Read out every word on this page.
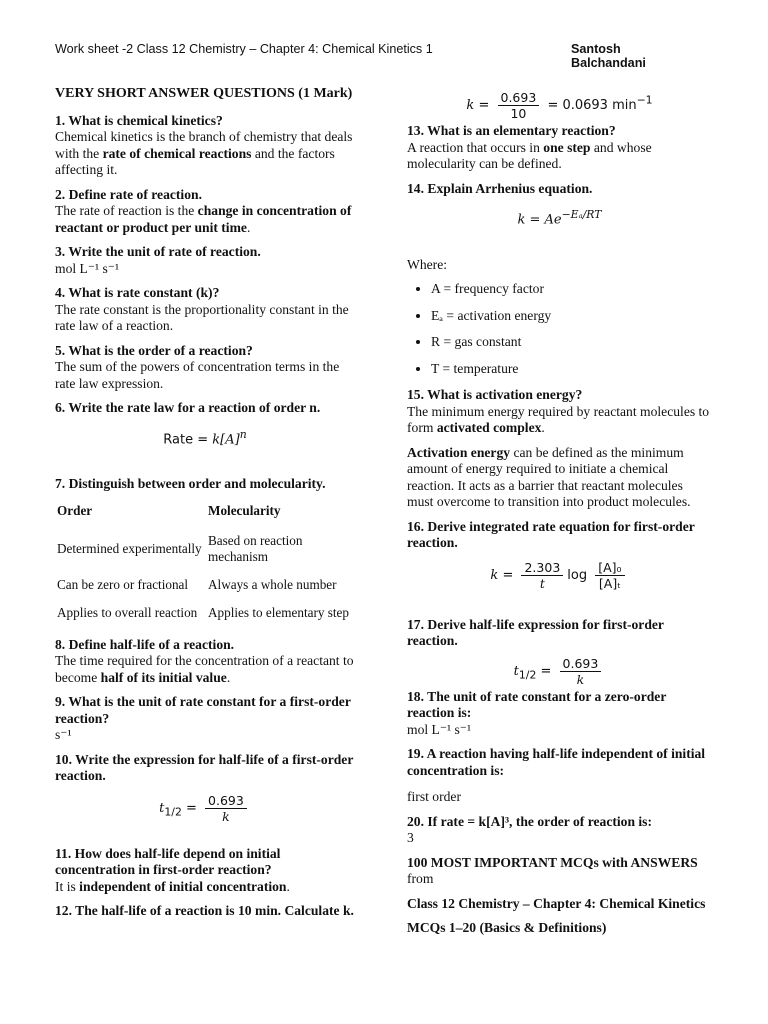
Work sheet -2 Class 12 Chemistry – Chapter 4: Chemical Kinetics 1	Santosh Balchandani

VERY SHORT ANSWER QUESTIONS (1 Mark)

1. What is chemical kinetics?

Chemical kinetics is the branch of chemistry that deals with the rate of chemical reactions and the factors affecting it.

2. Define rate of reaction.

The rate of reaction is the change in concentration of reactant or product per unit time.

3. Write the unit of rate of reaction.

mol L⁻¹ s⁻¹

4. What is rate constant (k)?

The rate constant is the proportionality constant in the rate law of a reaction.

5. What is the order of a reaction?

The sum of the powers of concentration terms in the rate law expression.

6. Write the rate law for a reaction of order n.

Rate = $k[A]^n$

7. Distinguish between order and molecularity.

Order	Molecularity
Determined experimentally	Based on reaction mechanism
Can be zero or fractional	Always a whole number
Applies to overall reaction	Applies to elementary step

8. Define half-life of a reaction.

The time required for the concentration of a reactant to become half of its initial value.

9. What is the unit of rate constant for a first-order reaction?

s⁻¹

10. Write the expression for half-life of a first-order reaction.

$t_{1/2} = \frac{0.693}{k}$

11. How does half-life depend on initial concentration in first-order reaction?

It is independent of initial concentration.

12. The half-life of a reaction is 10 min. Calculate k.

$k = \frac{0.693}{10} = 0.0693$ $\min^{-1}$

13. What is an elementary reaction?

A reaction that occurs in one step and whose molecularity can be defined.

14. Explain Arrhenius equation.

$k = Ae^{-E_a/RT}$

Where:

• A = frequency factor
• Eₐ = activation energy
• R = gas constant
• T = temperature

15. What is activation energy?

The minimum energy required by reactant molecules to form activated complex.

Activation energy can be defined as the minimum amount of energy required to initiate a chemical reaction. It acts as a barrier that reactant molecules must overcome to transition into product molecules.

16. Derive integrated rate equation for first-order reaction.

$k = \frac{2.303}{t}$ $\log \frac{\text{[A]₀}}{\text{[A]ₜ}}$

17. Derive half-life expression for first-order reaction.

$t_{1/2} = \frac{0.693}{k}$

18. The unit of rate constant for a zero-order reaction is:

mol L⁻¹ s⁻¹

19. A reaction having half-life independent of initial concentration is:

first order

20. If rate = k[A]³, the order of reaction is:

3

100 MOST IMPORTANT MCQs with ANSWERS

from

Class 12 Chemistry – Chapter 4: Chemical Kinetics

MCQs 1–20 (Basics & Definitions)
